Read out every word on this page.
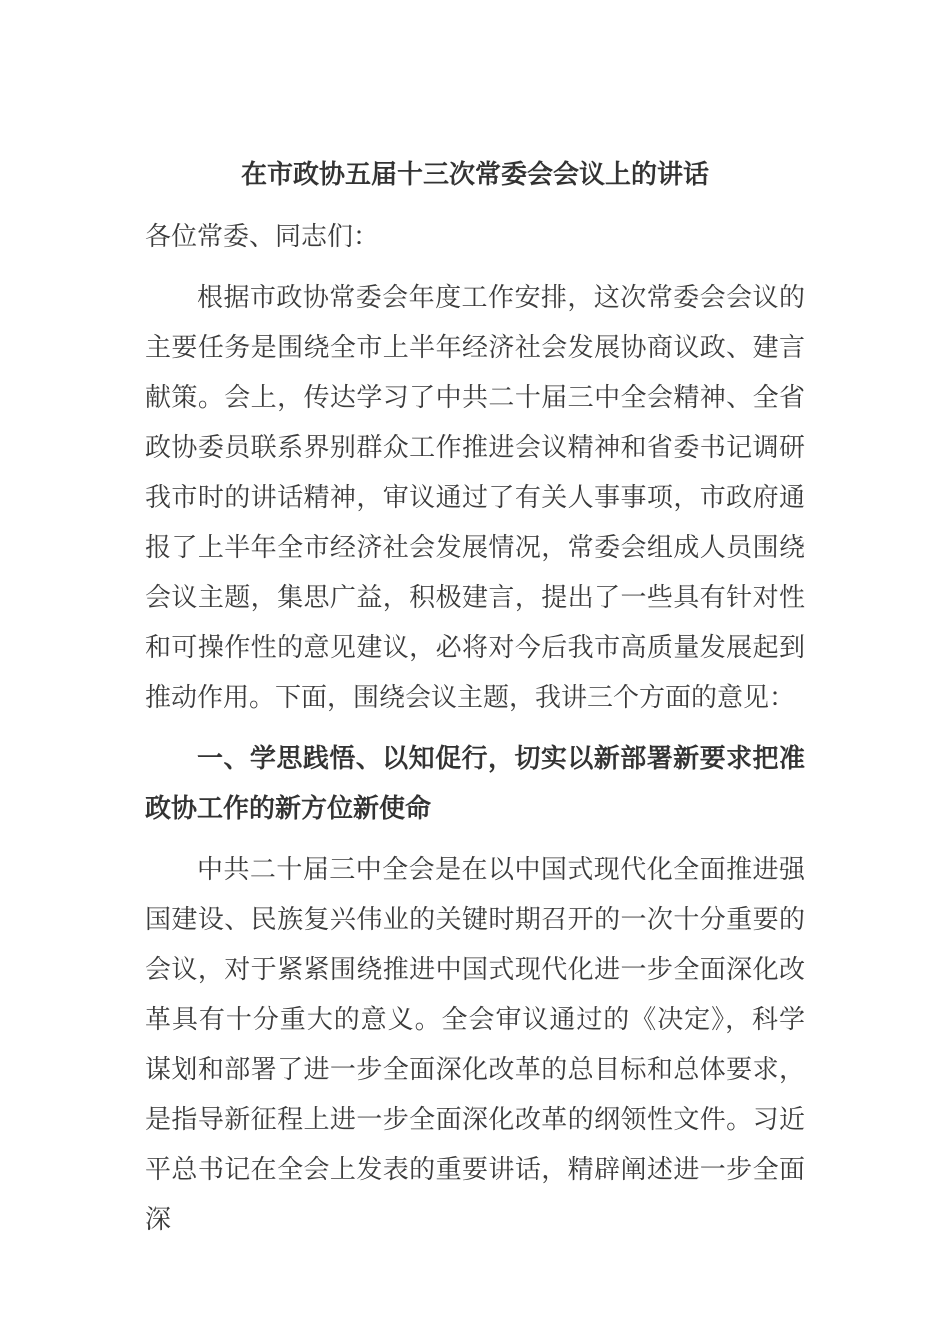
在市政协五届十三次常委会会议上的讲话
各位常委、同志们：
根据市政协常委会年度工作安排，这次常委会会议的主要任务是围绕全市上半年经济社会发展协商议政、建言献策。会上，传达学习了中共二十届三中全会精神、全省政协委员联系界别群众工作推进会议精神和省委书记调研我市时的讲话精神，审议通过了有关人事事项，市政府通报了上半年全市经济社会发展情况，常委会组成人员围绕会议主题，集思广益，积极建言，提出了一些具有针对性和可操作性的意见建议，必将对今后我市高质量发展起到推动作用。下面，围绕会议主题，我讲三个方面的意见：
一、学思践悟、以知促行，切实以新部署新要求把准政协工作的新方位新使命
中共二十届三中全会是在以中国式现代化全面推进强国建设、民族复兴伟业的关键时期召开的一次十分重要的会议，对于紧紧围绕推进中国式现代化进一步全面深化改革具有十分重大的意义。全会审议通过的《决定》，科学谋划和部署了进一步全面深化改革的总目标和总体要求，是指导新征程上进一步全面深化改革的纲领性文件。习近平总书记在全会上发表的重要讲话，精辟阐述进一步全面深
